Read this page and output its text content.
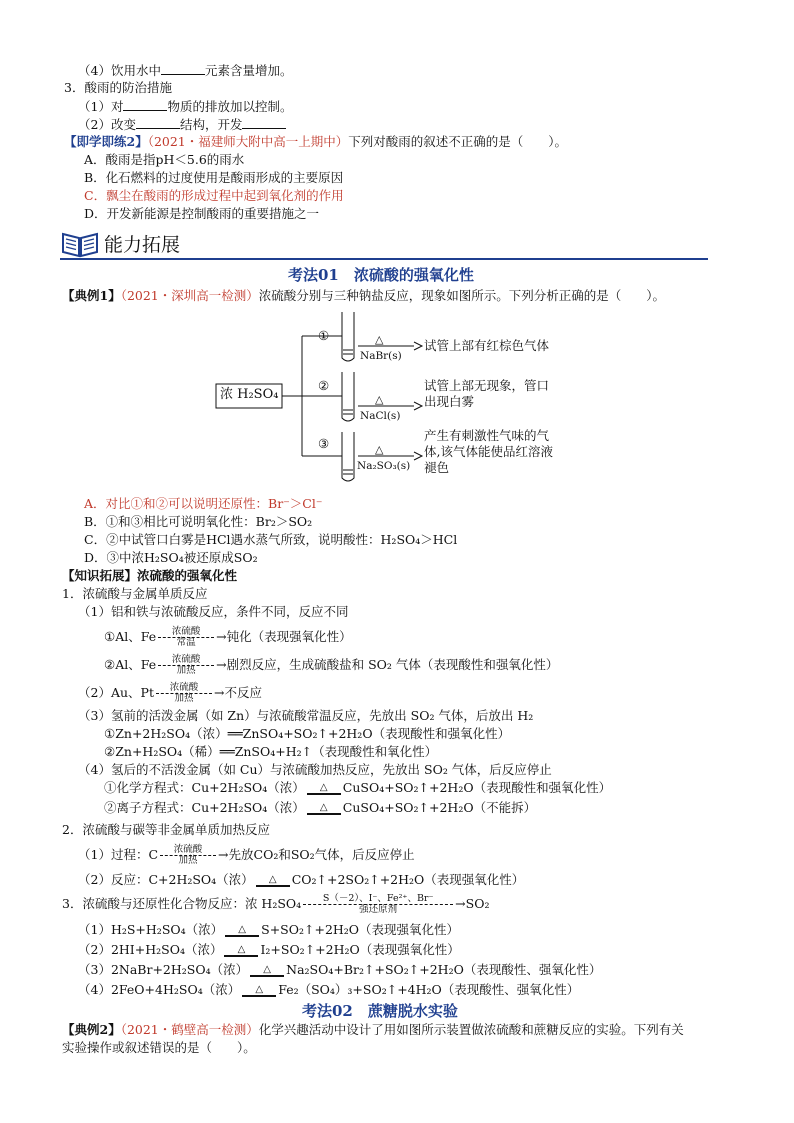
（4）饮用水中	元素含量增加。
3．酸雨的防治措施
（1）对	物质的排放加以控制。
（2）改变	结构，开发
【即学即练2】（2021・福建师大附中高一上期中）下列对酸雨的叙述不正确的是（　　）。
A．酸雨是指pH＜5.6的雨水
B．化石燃料的过度使用是酸雨形成的主要原因
C．飘尘在酸雨的形成过程中起到氧化剂的作用
D．开发新能源是控制酸雨的重要措施之一
能力拓展
考法01　浓硫酸的强氧化性
【典例1】（2021・深圳高一检测）浓硫酸分别与三种钠盐反应，现象如图所示。下列分析正确的是（　　）。
浓 H₂SO₄
①
②
③
△
△
△
NaBr(s)
NaCl(s)
Na₂SO₃(s)
试管上部有红棕色气体
试管上部无现象，管口
出现白雾
产生有刺激性气味的气
体,该气体能使品红溶液
褪色
A．对比①和②可以说明还原性：Br⁻＞Cl⁻
B．①和③相比可说明氧化性：Br₂＞SO₂
C．②中试管口白雾是HCl遇水蒸气所致，说明酸性：H₂SO₄＞HCl
D．③中浓H₂SO₄被还原成SO₂
【知识拓展】浓硫酸的强氧化性
1．浓硫酸与金属单质反应
（1）铝和铁与浓硫酸反应，条件不同，反应不同
①Al、Fe $\frac{\text{浓硫酸}}{\text{常温}}$ →钝化（表现强氧化性）
②Al、Fe $\frac{\text{浓硫酸}}{\text{加热}}$ →剧烈反应，生成硫酸盐和 SO₂ 气体（表现酸性和强氧化性）
（2）Au、Pt $\frac{\text{浓硫酸}}{\text{加热}}$ →不反应
（3）氢前的活泼金属（如 Zn）与浓硫酸常温反应，先放出 SO₂ 气体，后放出 H₂
①Zn+2H₂SO₄（浓）══ZnSO₄+SO₂↑+2H₂O（表现酸性和强氧化性）
②Zn+H₂SO₄（稀）══ZnSO₄+H₂↑（表现酸性和氧化性）
（4）氢后的不活泼金属（如 Cu）与浓硫酸加热反应，先放出 SO₂ 气体，后反应停止
①化学方程式：Cu+2H₂SO₄（浓）	△	CuSO₄+SO₂↑+2H₂O（表现酸性和强氧化性）
②离子方程式：Cu+2H₂SO₄（浓）	△	CuSO₄+SO₂↑+2H₂O（不能拆）
2．浓硫酸与碳等非金属单质加热反应
（1）过程：C $\frac{\text{浓硫酸}}{\text{加热}}$ →先放CO₂和SO₂气体，后反应停止
（2）反应：C+2H₂SO₄（浓）	△	CO₂↑+2SO₂↑+2H₂O（表现强氧化性）
3．浓硫酸与还原性化合物反应：浓 $H_2SO_4 \frac{\text{S（－2）、I⁻、Fe²⁺、Br⁻}}{\text{强还原剂}} \to SO_2$
（1）H₂S+H₂SO₄（浓）	△	S+SO₂↑+2H₂O（表现强氧化性）
（2）2HI+H₂SO₄（浓）	△	I₂+SO₂↑+2H₂O（表现强氧化性）
（3）2NaBr+2H₂SO₄（浓）	△	Na₂SO₄+Br₂↑+SO₂↑+2H₂O（表现酸性、强氧化性）
（4）2FeO+4H₂SO₄（浓）	△	Fe₂（SO₄）₃+SO₂↑+4H₂O（表现酸性、强氧化性）
考法02　蔗糖脱水实验
【典例2】（2021・鹤壁高一检测）化学兴趣活动中设计了用如图所示装置做浓硫酸和蔗糖反应的实验。下列有关
实验操作或叙述错误的是（　　）。
